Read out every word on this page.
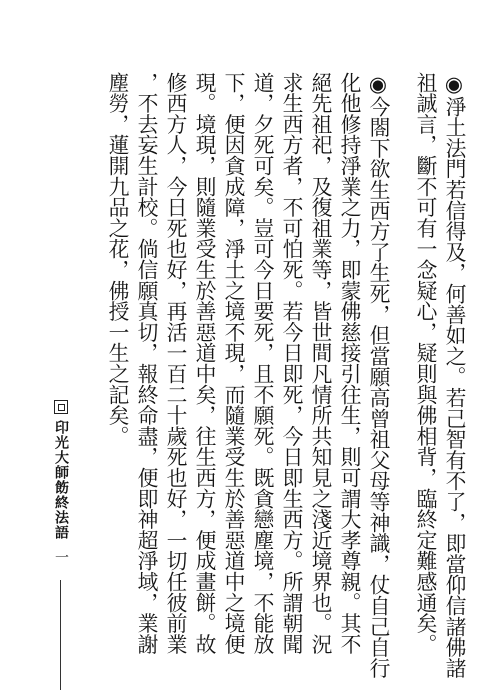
◉淨土法門若信得及，何善如之。若己智有不了，即當仰信諸佛諸
祖誠言，斷不可有一念疑心，疑則與佛相背，臨終定難感通矣。
◉今閤下欲生西方了生死，但當願高曾祖父母等神識，仗自己自行
化他修持淨業之力，即蒙佛慈接引往生，則可謂大孝尊親。其不
絕先祖祀，及復祖業等，皆世間凡情所共知見之淺近境界也。況
求生西方者，不可怕死。若今日即死，今日即生西方。所謂朝聞
道，夕死可矣。豈可今日要死，且不願死。既貪戀塵境，不能放
下，便因貪成障，淨土之境不現，而隨業受生於善惡道中之境便
現。境現，則隨業受生於善惡道中矣，往生西方，便成畫餅。故
修西方人，今日死也好，再活一百二十歲死也好，一切任彼前業
，不去妄生計校。倘信願真切，報終命盡，便即神超淨域，業謝
塵勞，蓮開九品之花，佛授一生之記矣。
印光大師飭終法語
一
